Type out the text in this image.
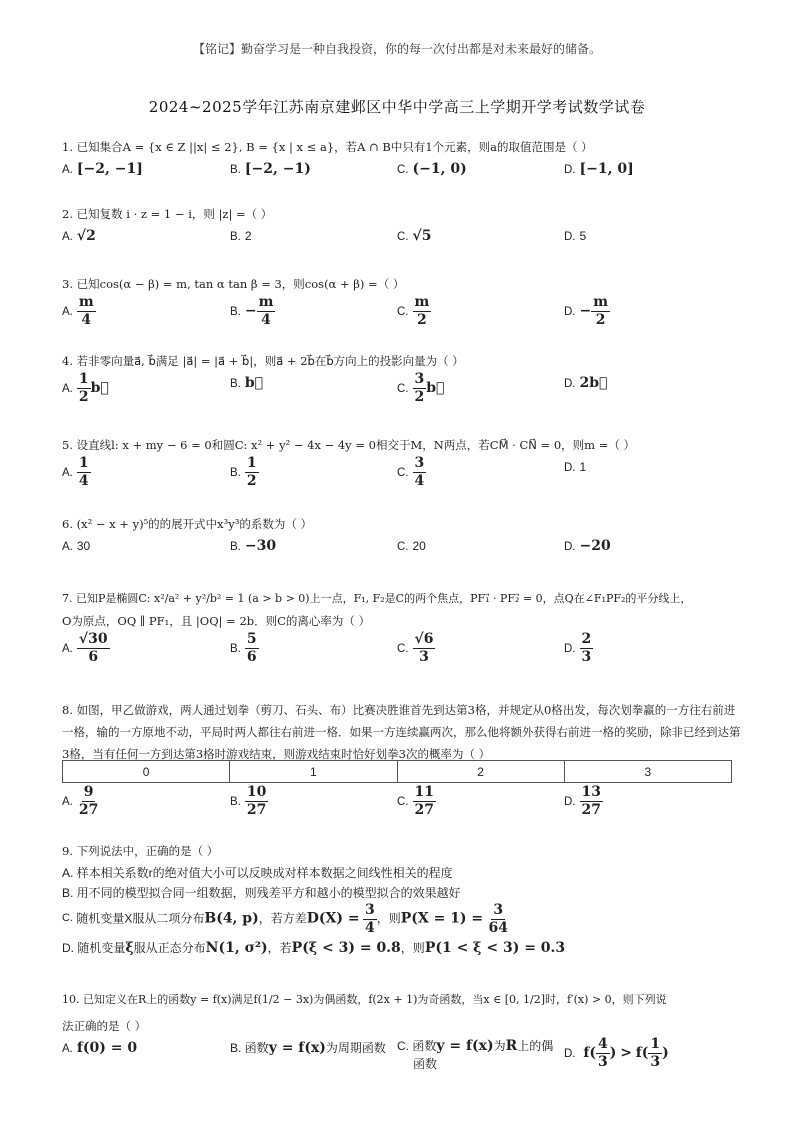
【铭记】勤奋学习是一种自我投资，你的每一次付出都是对未来最好的储备。
2024~2025学年江苏南京建邺区中华中学高三上学期开学考试数学试卷
1. 已知集合A = {x ∈ Z ||x| ≤ 2}, B = {x | x ≤ a}，若A ∩ B中只有1个元素，则a的取值范围是（ ）
A. [−2, −1]	B. [−2, −1)	C. (−1, 0)	D. [−1, 0]
2. 已知复数 i · z = 1 − i，则 |z| =（ ）
A. √2	B. 2	C. √5	D. 5
3. 已知cos(α − β) = m, tan α tan β = 3，则cos(α + β) =（ ）
A. $\frac{m}{4}$	B. − $\frac{m}{4}$	C. $\frac{m}{2}$	D. − $\frac{m}{2}$
4. 若非零向量a⃗, b⃗满足 |a⃗| = |a⃗ + b⃗|，则a⃗ + 2b⃗在b⃗方向上的投影向量为（ ）
A. $\frac{1}{2}$ b⃗	B. b⃗	C. $\frac{3}{2}$ b⃗	D. 2b⃗
5. 设直线l: x + my − 6 = 0和圆C: x² + y² − 4x − 4y = 0相交于M，N两点，若CM⃗ · CN⃗ = 0，则m =（ ）
A. $\frac{1}{4}$	B. $\frac{1}{2}$	C. $\frac{3}{4}$	D. 1
6. (x² − x + y)⁵的的展开式中x³y³的系数为（ ）
A. 30	B. −30	C. 20	D. −20
7. 已知P是椭圆C: x²/a² + y²/b² = 1 (a > b > 0)上一点，F₁, F₂是C的两个焦点，PF₁⃗ · PF₂⃗ = 0，点Q在∠F₁PF₂的平分线上，
O为原点，OQ ∥ PF₁，且 |OQ| = 2b．则C的离心率为（ ）
A. $\frac{√30}{6}$	B. $\frac{5}{6}$	C. $\frac{√6}{3}$	D. $\frac{2}{3}$
8. 如图，甲乙做游戏，两人通过划拳（剪刀、石头、布）比赛决胜谁首先到达第3格，并规定从0格出发，每次划拳赢的一方往右前进一格，输的一方原地不动，平局时两人都往右前进一格．如果一方连续赢两次，那么他将额外获得右前进一格的奖励，除非已经到达第3格，当有任何一方到达第3格时游戏结束，则游戏结束时恰好划拳3次的概率为（ ）
0	1	2	3
A. $\frac{9}{27}$	B. $\frac{10}{27}$	C. $\frac{11}{27}$	D. $\frac{13}{27}$
9. 下列说法中，正确的是（ ）
A. 样本相关系数r的绝对值大小可以反映成对样本数据之间线性相关的程度
B. 用不同的模型拟合同一组数据，则残差平方和越小的模型拟合的效果越好
C. 随机变量X服从二项分布B(4, p)，若方差$D(X) = \frac{3}{4}$ ，则$P(X = 1) = \frac{3}{64}$
D. 随机变量ξ服从正态分布N(1, σ²)，若P(ξ < 3) = 0.8，则P(1 < ξ < 3) = 0.3
10. 已知定义在R上的函数y = f(x)满足f(1/2 − 3x)为偶函数，f(2x + 1)为奇函数，当x ∈ [0, 1/2]时，f′(x) > 0，则下列说
法正确的是（ ）
A. f(0) = 0	B. 函数y = f(x)为周期函数 C. 函数y = f(x)为R上的偶
函数
D. $f( \frac{4}{3}$ ) > $f( \frac{1}{3}$ )
